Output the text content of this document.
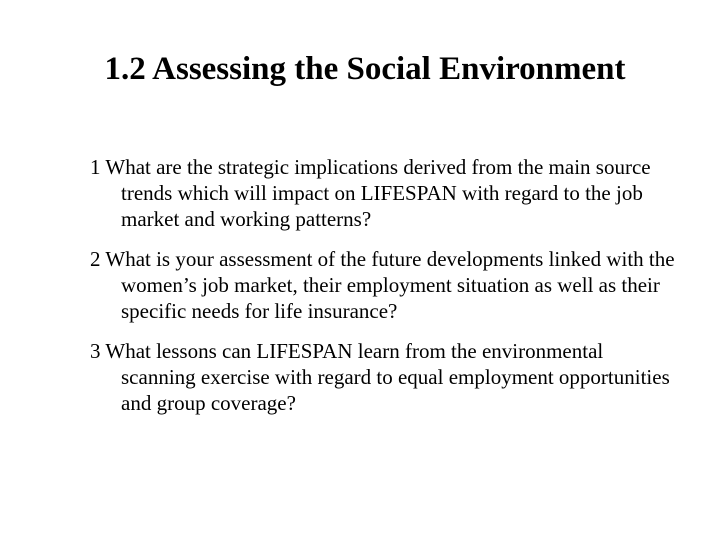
1.2 Assessing the Social Environment
1 What are the strategic implications derived from the main source trends which will impact on LIFESPAN with regard to the job market and working patterns?
2 What is your assessment of the future developments linked with the women’s job market, their employment situation as well as their specific needs for life insurance?
3 What lessons can LIFESPAN learn from the environmental scanning exercise with regard to equal employment opportunities and group coverage?
